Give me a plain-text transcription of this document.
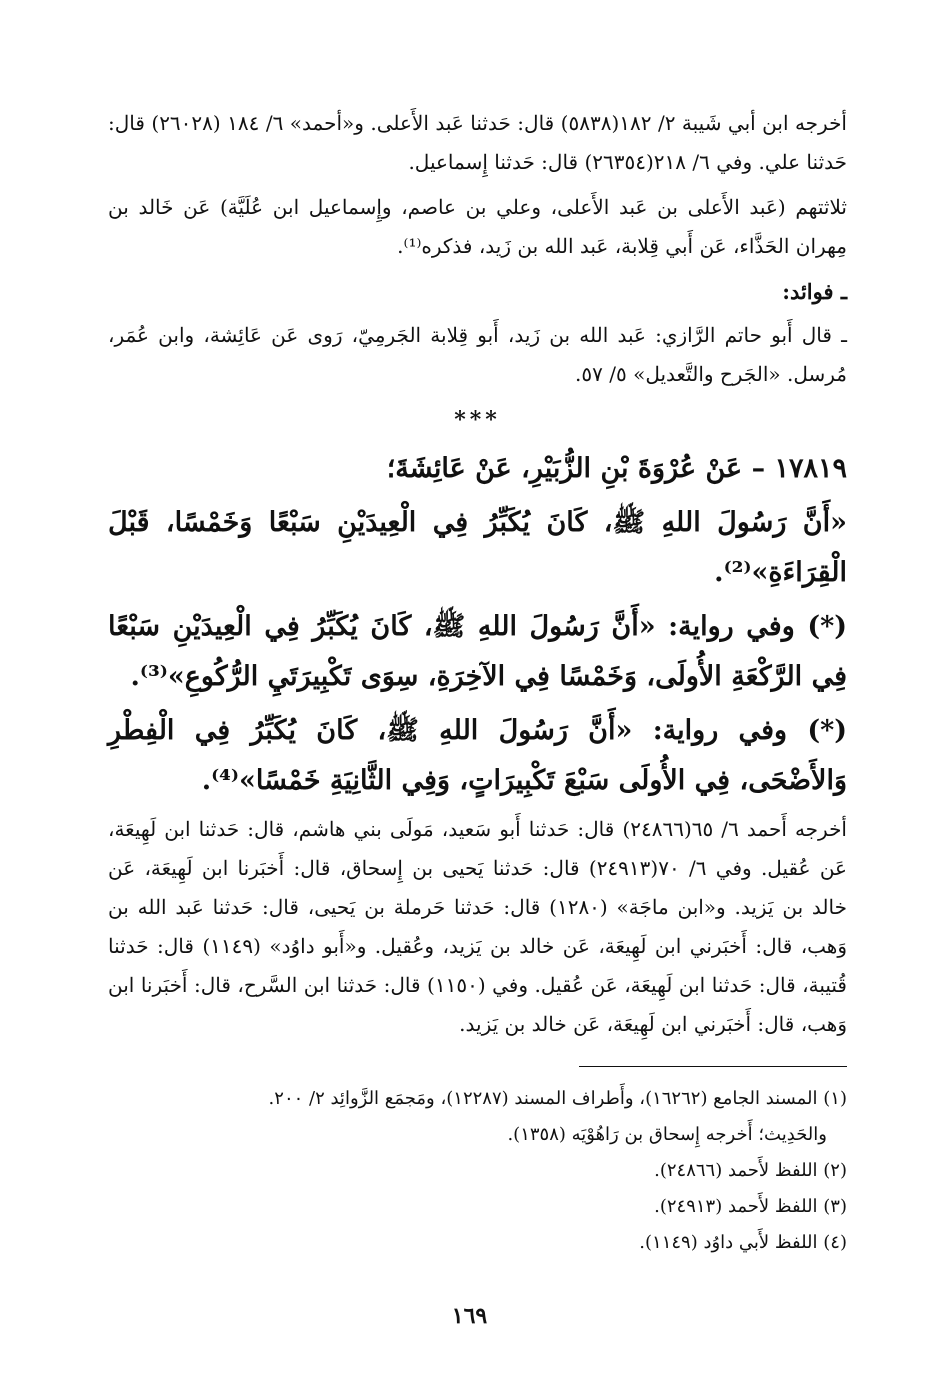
أخرجه ابن أبي شَيبة ٢/ ١٨٢(٥٨٣٨) قال: حَدثنا عَبد الأَعلى. و«أحمد» ٦/ ١٨٤ (٢٦٠٢٨) قال: حَدثنا علي. وفي ٦/ ٢١٨(٢٦٣٥٤) قال: حَدثنا إِسماعيل.

ثلاثتهم (عَبد الأَعلى بن عَبد الأَعلى، وعلي بن عاصم، وإِسماعيل ابن عُلَيَّة) عَن خَالد بن مِهران الحَذَّاء، عَن أَبي قِلابة، عَبد الله بن زَيد، فذكره⁽¹⁾.

ـ فوائد:

ـ قال أَبو حاتم الرَّازي: عَبد الله بن زَيد، أَبو قِلابة الجَرمِيّ، رَوى عَن عَائِشة، وابن عُمَر، مُرسل. «الجَرح والتَّعديل» ٥/ ٥٧.

***

١٧٨١٩ – عَنْ عُرْوَةَ بْنِ الزُّبَيْرِ، عَنْ عَائِشَةَ؛

«أَنَّ رَسُولَ اللهِ ﷺ، كَانَ يُكَبِّرُ فِي الْعِيدَيْنِ سَبْعًا وَخَمْسًا، قَبْلَ الْقِرَاءَةِ»⁽²⁾.

(*) وفي رواية: «أَنَّ رَسُولَ اللهِ ﷺ، كَانَ يُكَبِّرُ فِي الْعِيدَيْنِ سَبْعًا فِي الرَّكْعَةِ الأُولَى، وَخَمْسًا فِي الآخِرَةِ، سِوَى تَكْبِيرَتَيِ الرُّكُوعِ»⁽³⁾.

(*) وفي رواية: «أَنَّ رَسُولَ اللهِ ﷺ، كَانَ يُكَبِّرُ فِي الْفِطْرِ وَالأَضْحَى، فِي الأُولَى سَبْعَ تَكْبِيرَاتٍ، وَفِي الثَّانِيَةِ خَمْسًا»⁽⁴⁾.

أخرجه أَحمد ٦/ ٦٥(٢٤٨٦٦) قال: حَدثنا أَبو سَعيد، مَولَى بني هاشم، قال: حَدثنا ابن لَهِيعَة، عَن عُقيل. وفي ٦/ ٧٠(٢٤٩١٣) قال: حَدثنا يَحيى بن إِسحاق، قال: أَخبَرنا ابن لَهِيعَة، عَن خالد بن يَزيد. و«ابن ماجَة» (١٢٨٠) قال: حَدثنا حَرملة بن يَحيى، قال: حَدثنا عَبد الله بن وَهب، قال: أَخبَرني ابن لَهِيعَة، عَن خالد بن يَزيد، وعُقيل. و«أَبو داوُد» (١١٤٩) قال: حَدثنا قُتيبة، قال: حَدثنا ابن لَهِيعَة، عَن عُقيل. وفي (١١٥٠) قال: حَدثنا ابن السَّرح، قال: أَخبَرنا ابن وَهب، قال: أَخبَرني ابن لَهِيعَة، عَن خالد بن يَزيد.

(١) المسند الجامع (١٦٢٦٢)، وأَطراف المسند (١٢٢٨٧)، ومَجمَع الزَّوائِد ٢/ ٢٠٠.

والحَدِيث؛ أَخرجه إِسحاق بن رَاهُوْيَه (١٣٥٨).

(٢) اللفظ لأَحمد (٢٤٨٦٦).

(٣) اللفظ لأَحمد (٢٤٩١٣).

(٤) اللفظ لأَبي داوُد (١١٤٩).

١٦٩
